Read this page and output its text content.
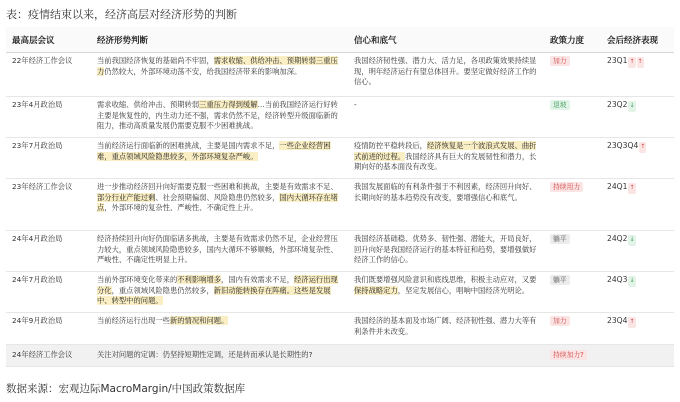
表：疫情结束以来，经济高层对经济形势的判断
最高层会议	经济形势判断	信心和底气	政策力度	会后经济表现
22年经济工作会议	当前我国经济恢复的基础尚不牢固，需求收缩、供给冲击、预期转弱三重压力仍然较大，外部环境动荡不安，给我国经济带来的影响加深。	我国经济韧性强、潜力大、活力足，各项政策效果持续显现，明年经济运行有望总体回升。要坚定做好经济工作的信心。	加力	23Q1 ↑ ↑
23年4月政治局	需求收缩、供给冲击、预期转弱三重压力得到缓解…当前我国经济运行好转主要是恢复性的，内生动力还不强，需求仍然不足，经济转型升级面临新的阻力，推动高质量发展仍需要克服不少困难挑战。	-	退坡	23Q2 ↓
23年7月政治局	当前经济运行面临新的困难挑战，主要是国内需求不足，一些企业经营困难，重点领域风险隐患较多，外部环境复杂严峻。	疫情防控平稳转段后，经济恢复是一个波浪式发展、曲折式前进的过程。我国经济具有巨大的发展韧性和潜力，长期向好的基本面没有改变。		23Q3Q4 ↑
23年经济工作会议	进一步推动经济回升向好需要克服一些困难和挑战，主要是有效需求不足、部分行业产能过剩、社会预期偏弱、风险隐患仍然较多，国内大循环存在堵点，外部环境的复杂性、严峻性、不确定性上升。	我国发展面临的有利条件强于不利因素，经济回升向好、长期向好的基本趋势没有改变，要增强信心和底气。	持续用力	24Q1 ↑
24年4月政治局	经济持续回升向好仍面临诸多挑战，主要是有效需求仍然不足，企业经营压力较大，重点领域风险隐患较多，国内大循环不够顺畅，外部环境复杂性、严峻性、不确定性明显上升。	我国经济基础稳、优势多、韧性强、潜能大，开局良好，回升向好是我国经济运行的基本特征和趋势，要增强做好经济工作的信心。	躺平	24Q2 ↓
24年7月政治局	当前外部环境变化带来的不利影响增多，国内有效需求不足，经济运行出现分化，重点领域风险隐患仍然较多，新旧动能转换存在阵痛。这些是发展中、转型中的问题。	我们既要增强风险意识和底线思维，积极主动应对，又要保持战略定力，坚定发展信心，唱响中国经济光明论。	躺平	24Q3 ↓
24年9月政治局	当前经济运行出现一些新的情况和问题。	我国经济的基本面及市场广阔、经济韧性强、潜力大等有利条件并未改变。	加力	23Q4 ↑
24年经济工作会议	关注对问题的定调：仍坚持短期性定调，还是转而承认是长期性的?		持续加力?	
数据来源：宏观边际MacroMargin/中国政策数据库
